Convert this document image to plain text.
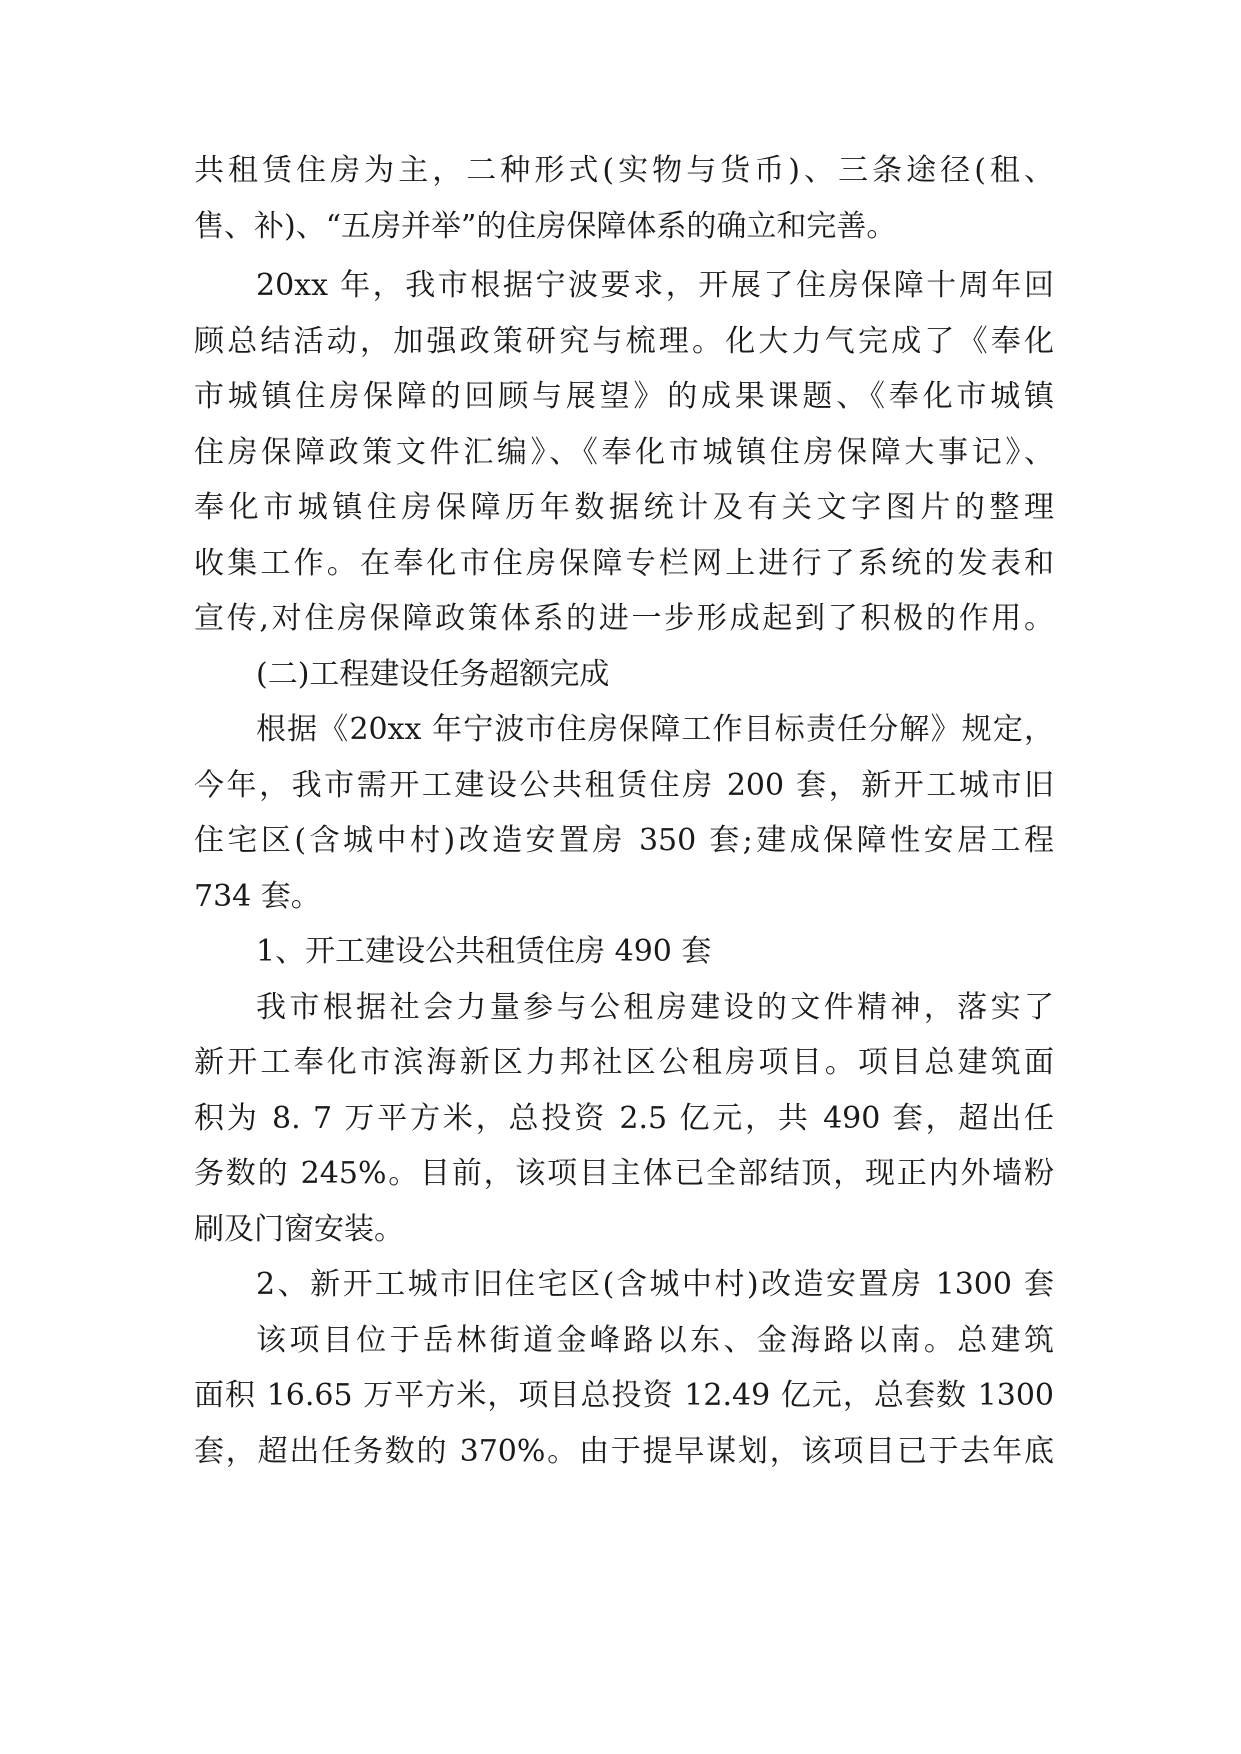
共租赁住房为主，二种形式(实物与货币)、三条途径(租、

售、补)、“五房并举”的住房保障体系的确立和完善。

20xx 年，我市根据宁波要求，开展了住房保障十周年回

顾总结活动，加强政策研究与梳理。化大力气完成了《奉化

市城镇住房保障的回顾与展望》的成果课题、《奉化市城镇

住房保障政策文件汇编》、《奉化市城镇住房保障大事记》、

奉化市城镇住房保障历年数据统计及有关文字图片的整理

收集工作。在奉化市住房保障专栏网上进行了系统的发表和

宣传,对住房保障政策体系的进一步形成起到了积极的作用。

(二)工程建设任务超额完成

根据《20xx 年宁波市住房保障工作目标责任分解》规定，

今年，我市需开工建设公共租赁住房 200 套，新开工城市旧

住宅区(含城中村)改造安置房 350 套;建成保障性安居工程

734 套。

1、开工建设公共租赁住房 490 套

我市根据社会力量参与公租房建设的文件精神，落实了

新开工奉化市滨海新区力邦社区公租房项目。项目总建筑面

积为 8. 7 万平方米，总投资 2.5 亿元，共 490 套，超出任

务数的 245%。目前，该项目主体已全部结顶，现正内外墙粉

刷及门窗安装。

2、新开工城市旧住宅区(含城中村)改造安置房 1300 套

该项目位于岳林街道金峰路以东、金海路以南。总建筑

面积 16.65 万平方米，项目总投资 12.49 亿元，总套数 1300

套，超出任务数的 370%。由于提早谋划，该项目已于去年底
